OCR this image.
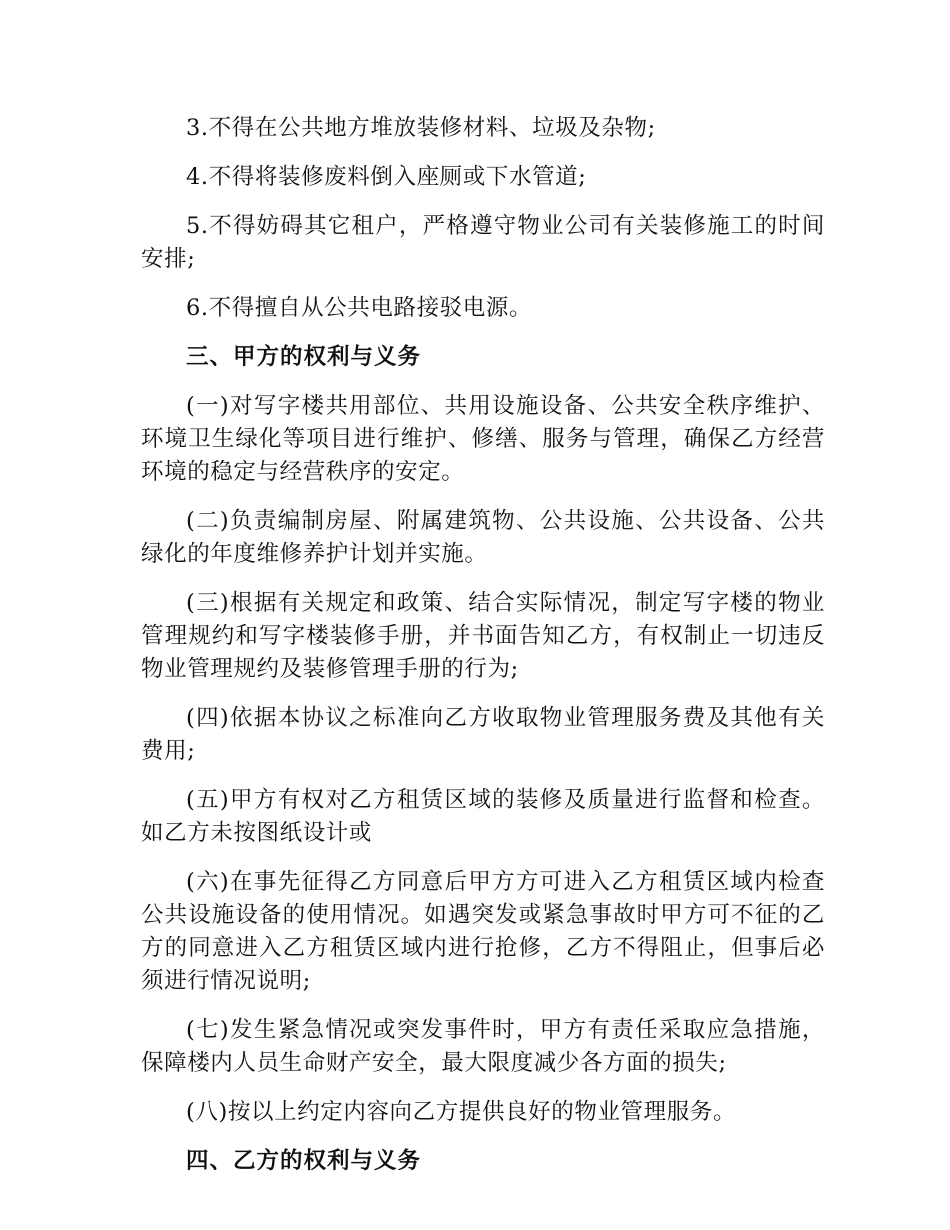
3.不得在公共地方堆放装修材料、垃圾及杂物;

4.不得将装修废料倒入座厕或下水管道;

5.不得妨碍其它租户，严格遵守物业公司有关装修施工的时间安排;

6.不得擅自从公共电路接驳电源。

三、甲方的权利与义务

(一)对写字楼共用部位、共用设施设备、公共安全秩序维护、环境卫生绿化等项目进行维护、修缮、服务与管理，确保乙方经营环境的稳定与经营秩序的安定。

(二)负责编制房屋、附属建筑物、公共设施、公共设备、公共绿化的年度维修养护计划并实施。

(三)根据有关规定和政策、结合实际情况，制定写字楼的物业管理规约和写字楼装修手册，并书面告知乙方，有权制止一切违反物业管理规约及装修管理手册的行为;

(四)依据本协议之标准向乙方收取物业管理服务费及其他有关费用;

(五)甲方有权对乙方租赁区域的装修及质量进行监督和检查。如乙方未按图纸设计或

(六)在事先征得乙方同意后甲方方可进入乙方租赁区域内检查公共设施设备的使用情况。如遇突发或紧急事故时甲方可不征的乙方的同意进入乙方租赁区域内进行抢修，乙方不得阻止，但事后必须进行情况说明;

(七)发生紧急情况或突发事件时，甲方有责任采取应急措施，保障楼内人员生命财产安全，最大限度减少各方面的损失;

(八)按以上约定内容向乙方提供良好的物业管理服务。

四、乙方的权利与义务
